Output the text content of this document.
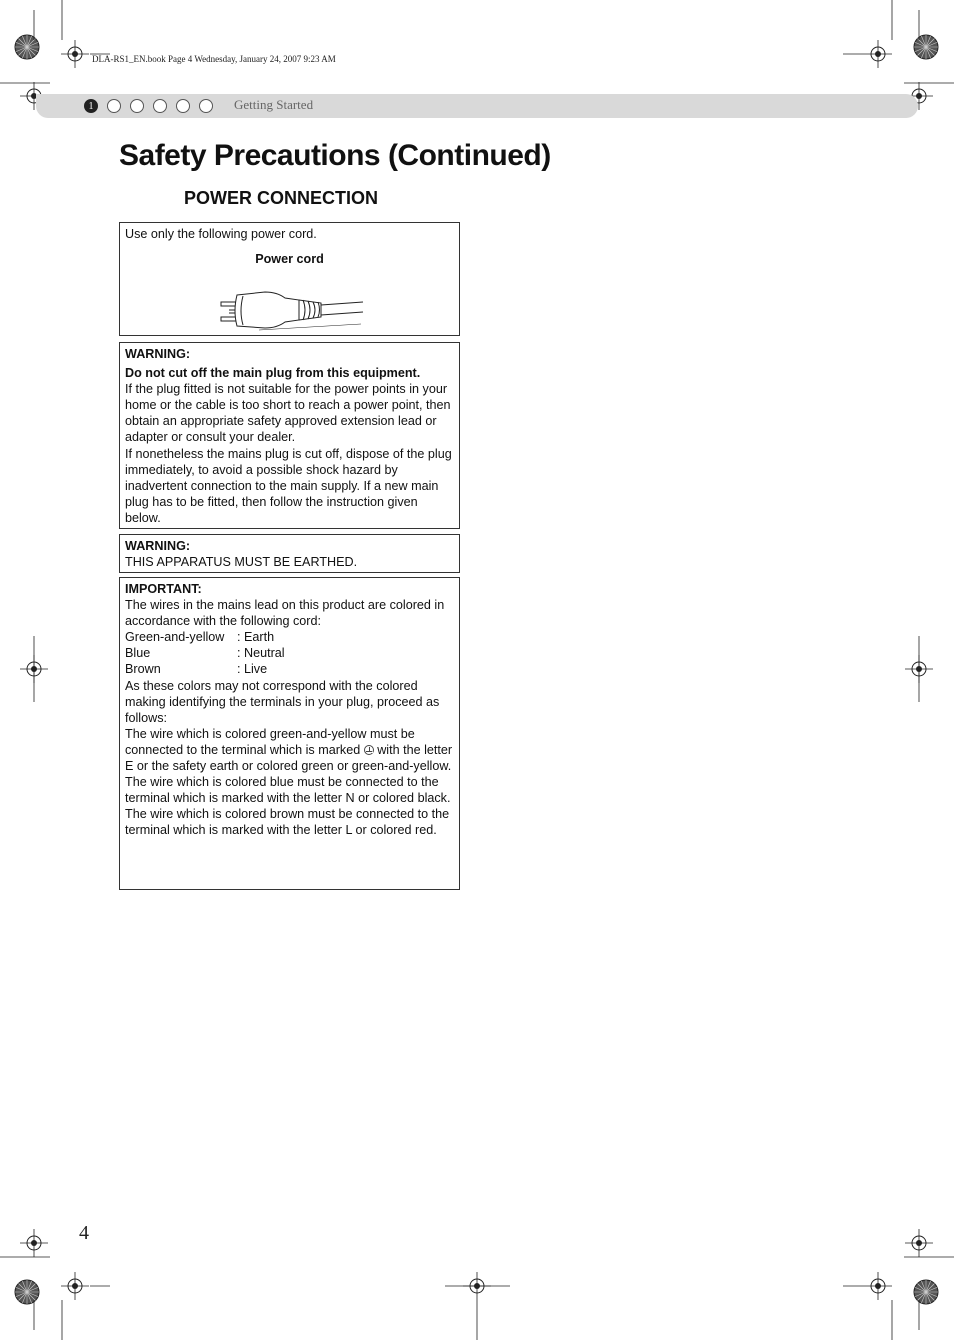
DLA-RS1_EN.book Page 4 Wednesday, January 24, 2007 9:23 AM
1	Getting Started
Safety Precautions (Continued)
POWER CONNECTION

Use only the following power cord.

Power cord

WARNING:

Do not cut off the main plug from this equipment.

If the plug fitted is not suitable for the power points in your home or the cable is too short to reach a power point, then obtain an appropriate safety approved extension lead or adapter or consult your dealer.

If nonetheless the mains plug is cut off, dispose of the plug immediately, to avoid a possible shock hazard by inadvertent connection to the main supply. If a new main plug has to be fitted, then follow the instruction given below.

WARNING:

THIS APPARATUS MUST BE EARTHED.

IMPORTANT:

The wires in the mains lead on this product are colored in accordance with the following cord:

Green-and-yellow : Earth
Blue	: Neutral
Brown	: Live

As these colors may not correspond with the colored making identifying the terminals in your plug, proceed as follows:

The wire which is colored green-and-yellow must be connected to the terminal which is marked with the letter E or the safety earth or colored green or green-and-yellow.

The wire which is colored blue must be connected to the terminal which is marked with the letter N or colored black.

The wire which is colored brown must be connected to the terminal which is marked with the letter L or colored red.

4
